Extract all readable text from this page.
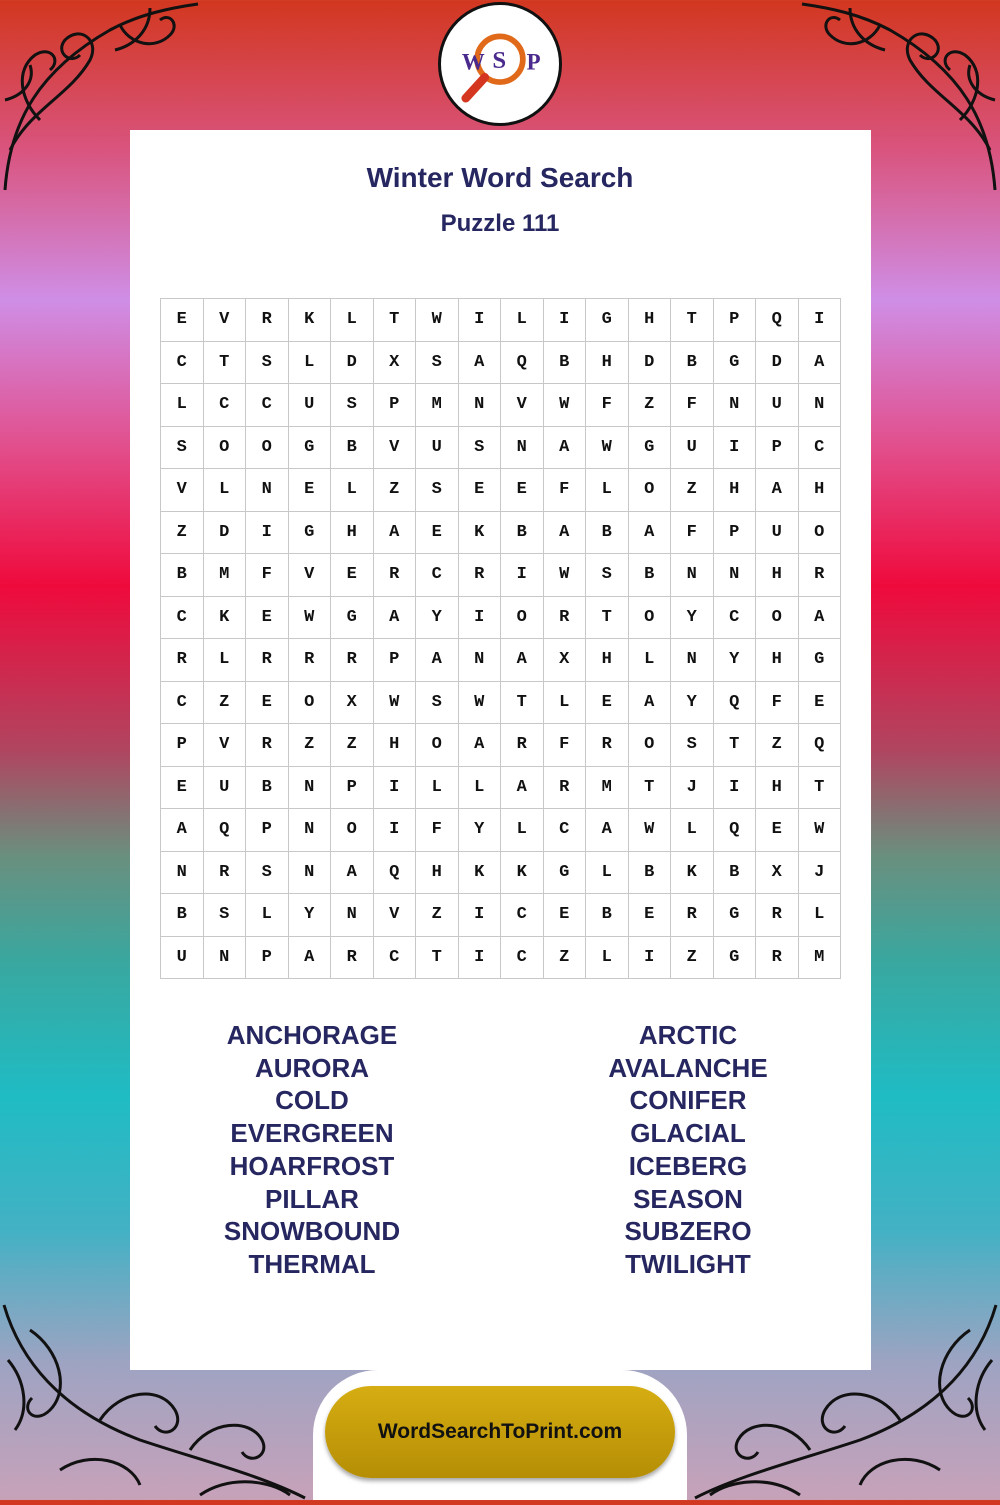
W S P
Winter Word Search
Puzzle 111
E	V	R	K	L	T	W	I	L	I	G	H	T	P	Q	I
C	T	S	L	D	X	S	A	Q	B	H	D	B	G	D	A
L	C	C	U	S	P	M	N	V	W	F	Z	F	N	U	N
S	O	O	G	B	V	U	S	N	A	W	G	U	I	P	C
V	L	N	E	L	Z	S	E	E	F	L	O	Z	H	A	H
Z	D	I	G	H	A	E	K	B	A	B	A	F	P	U	O
B	M	F	V	E	R	C	R	I	W	S	B	N	N	H	R
C	K	E	W	G	A	Y	I	O	R	T	O	Y	C	O	A
R	L	R	R	R	P	A	N	A	X	H	L	N	Y	H	G
C	Z	E	O	X	W	S	W	T	L	E	A	Y	Q	F	E
P	V	R	Z	Z	H	O	A	R	F	R	O	S	T	Z	Q
E	U	B	N	P	I	L	L	A	R	M	T	J	I	H	T
A	Q	P	N	O	I	F	Y	L	C	A	W	L	Q	E	W
N	R	S	N	A	Q	H	K	K	G	L	B	K	B	X	J
B	S	L	Y	N	V	Z	I	C	E	B	E	R	G	R	L
U	N	P	A	R	C	T	I	C	Z	L	I	Z	G	R	M
ANCHORAGE
AURORA
COLD
EVERGREEN
HOARFROST
PILLAR
SNOWBOUND
THERMAL
ARCTIC
AVALANCHE
CONIFER
GLACIAL
ICEBERG
SEASON
SUBZERO
TWILIGHT
WordSearchToPrint.com
